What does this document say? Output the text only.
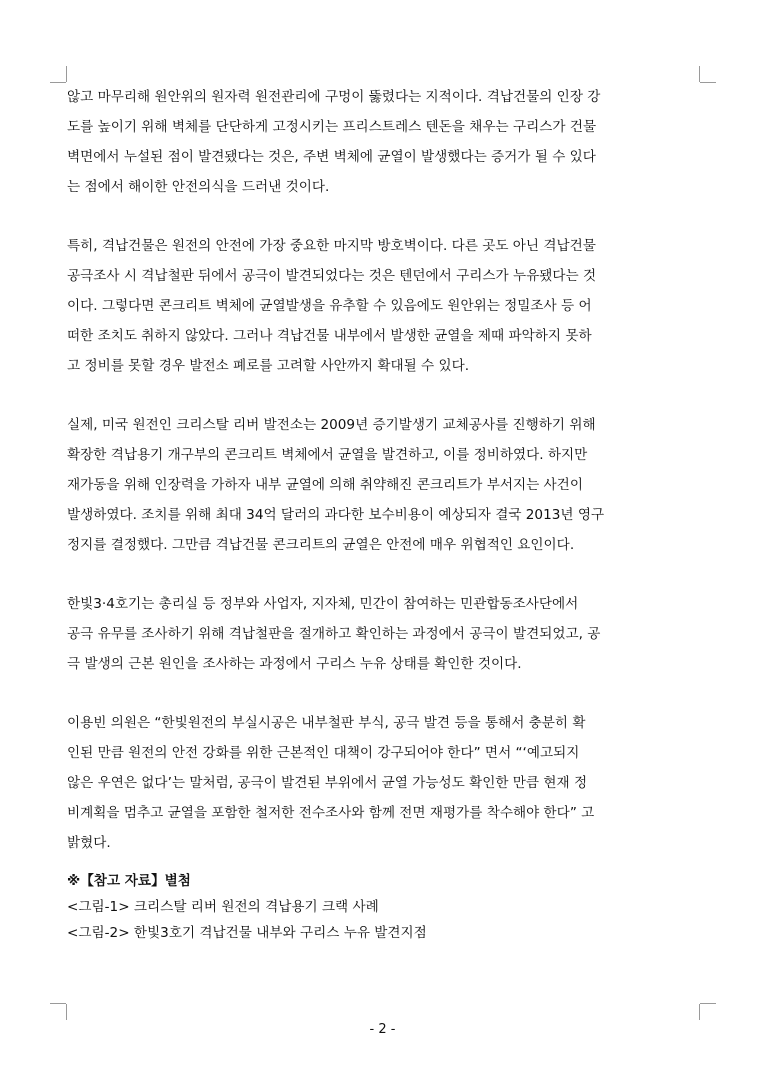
않고 마무리해 원안위의 원자력 원전관리에 구멍이 뚫렸다는 지적이다. 격납건물의 인장 강

도를 높이기 위해 벽체를 단단하게 고정시키는 프리스트레스 텐돈을 채우는 구리스가 건물

벽면에서 누설된 점이 발견됐다는 것은, 주변 벽체에 균열이 발생했다는 증거가 될 수 있다

는 점에서 해이한 안전의식을 드러낸 것이다.

특히, 격납건물은 원전의 안전에 가장 중요한 마지막 방호벽이다. 다른 곳도 아닌 격납건물

공극조사 시 격납철판 뒤에서 공극이 발견되었다는 것은 텐던에서 구리스가 누유됐다는 것

이다. 그렇다면 콘크리트 벽체에 균열발생을 유추할 수 있음에도 원안위는 정밀조사 등 어

떠한 조치도 취하지 않았다. 그러나 격납건물 내부에서 발생한 균열을 제때 파악하지 못하

고 정비를 못할 경우 발전소 폐로를 고려할 사안까지 확대될 수 있다.

실제, 미국 원전인 크리스탈 리버 발전소는 2009년 증기발생기 교체공사를 진행하기 위해

확장한 격납용기 개구부의 콘크리트 벽체에서 균열을 발견하고, 이를 정비하였다. 하지만

재가동을 위해 인장력을 가하자 내부 균열에 의해 취약해진 콘크리트가 부서지는 사건이

발생하였다. 조치를 위해 최대 34억 달러의 과다한 보수비용이 예상되자 결국 2013년 영구

정지를 결정했다. 그만큼 격납건물 콘크리트의 균열은 안전에 매우 위협적인 요인이다.

한빛3·4호기는 총리실 등 정부와 사업자, 지자체, 민간이 참여하는 민관합동조사단에서

공극 유무를 조사하기 위해 격납철판을 절개하고 확인하는 과정에서 공극이 발견되었고, 공

극 발생의 근본 원인을 조사하는 과정에서 구리스 누유 상태를 확인한 것이다.

이용빈 의원은 “한빛원전의 부실시공은 내부철판 부식, 공극 발견 등을 통해서 충분히 확

인된 만큼 원전의 안전 강화를 위한 근본적인 대책이 강구되어야 한다” 면서 “‘예고되지

않은 우연은 없다’는 말처럼, 공극이 발견된 부위에서 균열 가능성도 확인한 만큼 현재 정

비계획을 멈추고 균열을 포함한 철저한 전수조사와 함께 전면 재평가를 착수해야 한다” 고

밝혔다.

※【참고 자료】별첨

<그림-1> 크리스탈 리버 원전의 격납용기 크랙 사례

<그림-2> 한빛3호기 격납건물 내부와 구리스 누유 발견지점

- 2 -
